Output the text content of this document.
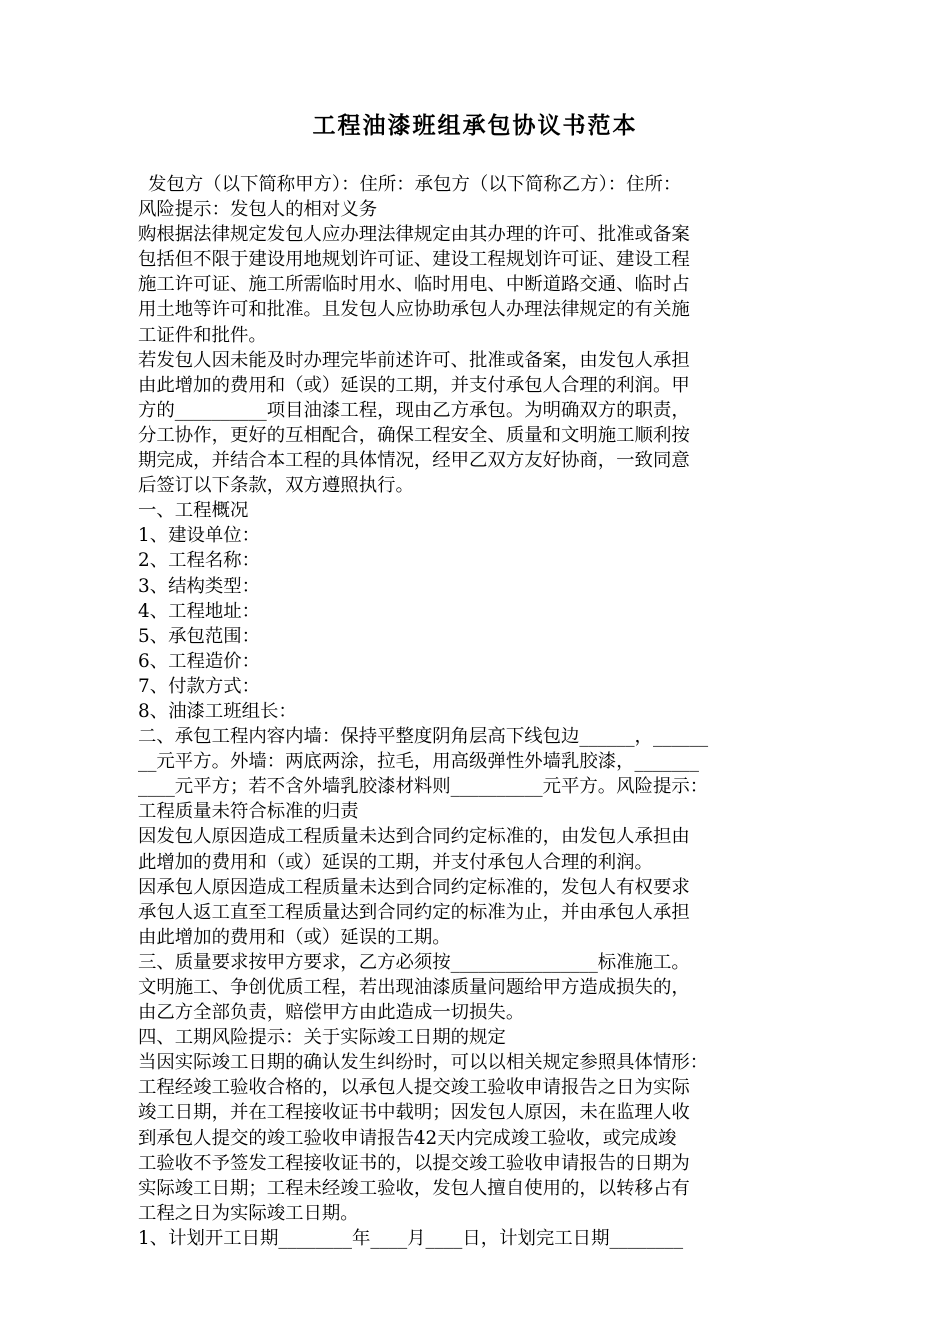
工程油漆班组承包协议书范本
发包方（以下简称甲方）：住所：承包方（以下简称乙方）：住所：
风险提示：发包人的相对义务
购根据法律规定发包人应办理法律规定由其办理的许可、批准或备案
包括但不限于建设用地规划许可证、建设工程规划许可证、建设工程
施工许可证、施工所需临时用水、临时用电、中断道路交通、临时占
用土地等许可和批准。且发包人应协助承包人办理法律规定的有关施
工证件和批件。
若发包人因未能及时办理完毕前述许可、批准或备案，由发包人承担
由此增加的费用和（或）延误的工期，并支付承包人合理的利润。甲
方的__________项目油漆工程，现由乙方承包。为明确双方的职责，
分工协作，更好的互相配合，确保工程安全、质量和文明施工顺利按
期完成，并结合本工程的具体情况，经甲乙双方友好协商，一致同意
后签订以下条款，双方遵照执行。
一、工程概况
1、建设单位：
2、工程名称：
3、结构类型：
4、工程地址：
5、承包范围：
6、工程造价：
7、付款方式：
8、油漆工班组长：
二、承包工程内容内墙：保持平整度阴角层高下线包边______，______
__元平方。外墙：两底两涂，拉毛，用高级弹性外墙乳胶漆，_______
____元平方；若不含外墙乳胶漆材料则__________元平方。风险提示：
工程质量未符合标准的归责
因发包人原因造成工程质量未达到合同约定标准的，由发包人承担由
此增加的费用和（或）延误的工期，并支付承包人合理的利润。
因承包人原因造成工程质量未达到合同约定标准的，发包人有权要求
承包人返工直至工程质量达到合同约定的标准为止，并由承包人承担
由此增加的费用和（或）延误的工期。
三、质量要求按甲方要求，乙方必须按________________标准施工。
文明施工、争创优质工程，若出现油漆质量问题给甲方造成损失的，
由乙方全部负责，赔偿甲方由此造成一切损失。
四、工期风险提示：关于实际竣工日期的规定
当因实际竣工日期的确认发生纠纷时，可以以相关规定参照具体情形：
工程经竣工验收合格的，以承包人提交竣工验收申请报告之日为实际
竣工日期，并在工程接收证书中载明；因发包人原因，未在监理人收
到承包人提交的竣工验收申请报告42天内完成竣工验收，或完成竣
工验收不予签发工程接收证书的，以提交竣工验收申请报告的日期为
实际竣工日期；工程未经竣工验收，发包人擅自使用的，以转移占有
工程之日为实际竣工日期。
1、计划开工日期________年____月____日，计划完工日期________
